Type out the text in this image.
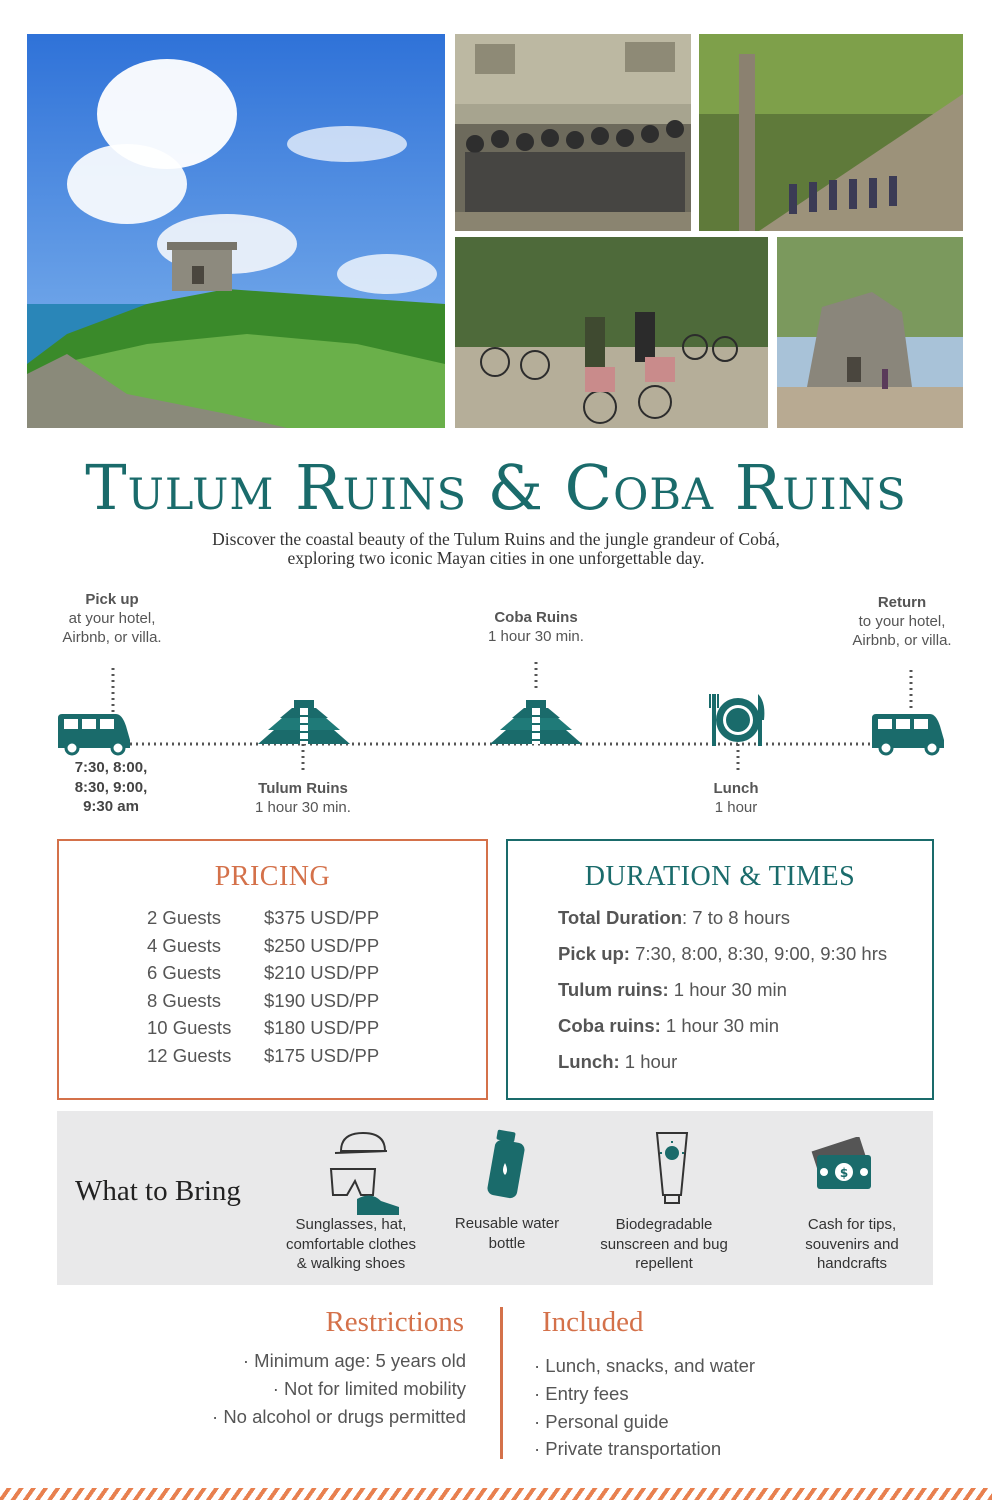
Tulum Ruins & Coba Ruins

Discover the coastal beauty of the Tulum Ruins and the jungle grandeur of Cobá,
exploring two iconic Mayan cities in one unforgettable day.

Pick up
at your hotel,
Airbnb, or villa.
Coba Ruins
1 hour 30 min.
Return
to your hotel,
Airbnb, or villa.
7:30, 8:00,
8:30, 9:00,
9:30 am
Tulum Ruins
1 hour 30 min.
Lunch
1 hour
PRICING
2 Guests $375 USD/PP
4 Guests $250 USD/PP
6 Guests $210 USD/PP
8 Guests $190 USD/PP
10 Guests $180 USD/PP
12 Guests $175 USD/PP
DURATION & TIMES
Total Duration: 7 to 8 hours
Pick up: 7:30, 8:00, 8:30, 9:00, 9:30 hrs
Tulum ruins: 1 hour 30 min
Coba ruins: 1 hour 30 min
Lunch: 1 hour
What to Bring
$
Sunglasses, hat,
comfortable clothes
& walking shoes
Reusable water
bottle
Biodegradable
sunscreen and bug
repellent
Cash for tips,
souvenirs and
handcrafts
Restrictions
· Minimum age: 5 years old
· Not for limited mobility
· No alcohol or drugs permitted
Included
· Lunch, snacks, and water
· Entry fees
· Personal guide
· Private transportation
